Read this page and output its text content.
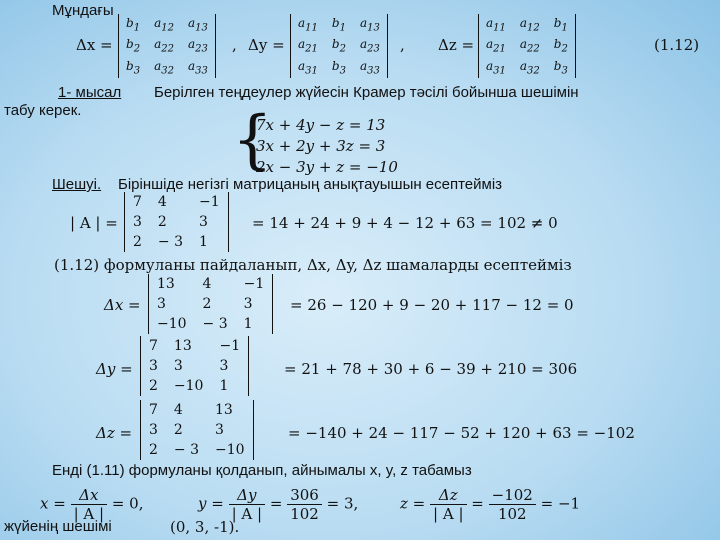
Мұндағы
Δx =
$b_1$	$a_{12}$	$a_{13}$
$b_2$	$a_{22}$	$a_{23}$
$b_3$	$a_{32}$	$a_{33}$
, Δy =
$a_{11}$	$b_1$	$a_{13}$
$a_{21}$	$b_2$	$a_{23}$
$a_{31}$	$b_3$	$a_{33}$
, Δz =
$a_{11}$	$a_{12}$	$b_1$
$a_{21}$	$a_{22}$	$b_2$
$a_{31}$	$a_{32}$	$b_3$
(1.12)
1- мысал Берілген теңдеулер жүйесін Крамер тәсілі бойынша шешімін
табу керек. {
7x + 4y − z = 13
3x + 2y + 3z = 3
2x − 3y + z = −10
Шешуі. Біріншіде негізгі матрицаның анықтауышын есептейміз
| A | =
7	4	−1
3	2	3
2	− 3	1
= 14 + 24 + 9 + 4 − 12 + 63 = 102 ≠ 0
(1.12) формуланы пайдаланып, Δx, Δy, Δz шамаларды есептейміз
Δx =
13	4	−1
3	2	3
−10	− 3	1
= 26 − 120 + 9 − 20 + 117 − 12 = 0
Δy =
7	13	−1
3	3	3
2	−10	1
= 21 + 78 + 30 + 6 − 39 + 210 = 306
Δz =
7	4	13
3	2	3
2	− 3	−10
= −140 + 24 − 117 − 52 + 120 + 63 = −102
Енді (1.11) формуланы қолданып, айнымалы x, y, z табамыз
$x = \frac{\Delta x}{| A |} = 0$,	$y = \frac{\Delta y}{| A |} = \frac{306}{102} = 3$,	$z = \frac{\Delta z}{| A |} = \frac{-102}{102} = -1$
жүйенің шешімі	(0, 3, -1).
